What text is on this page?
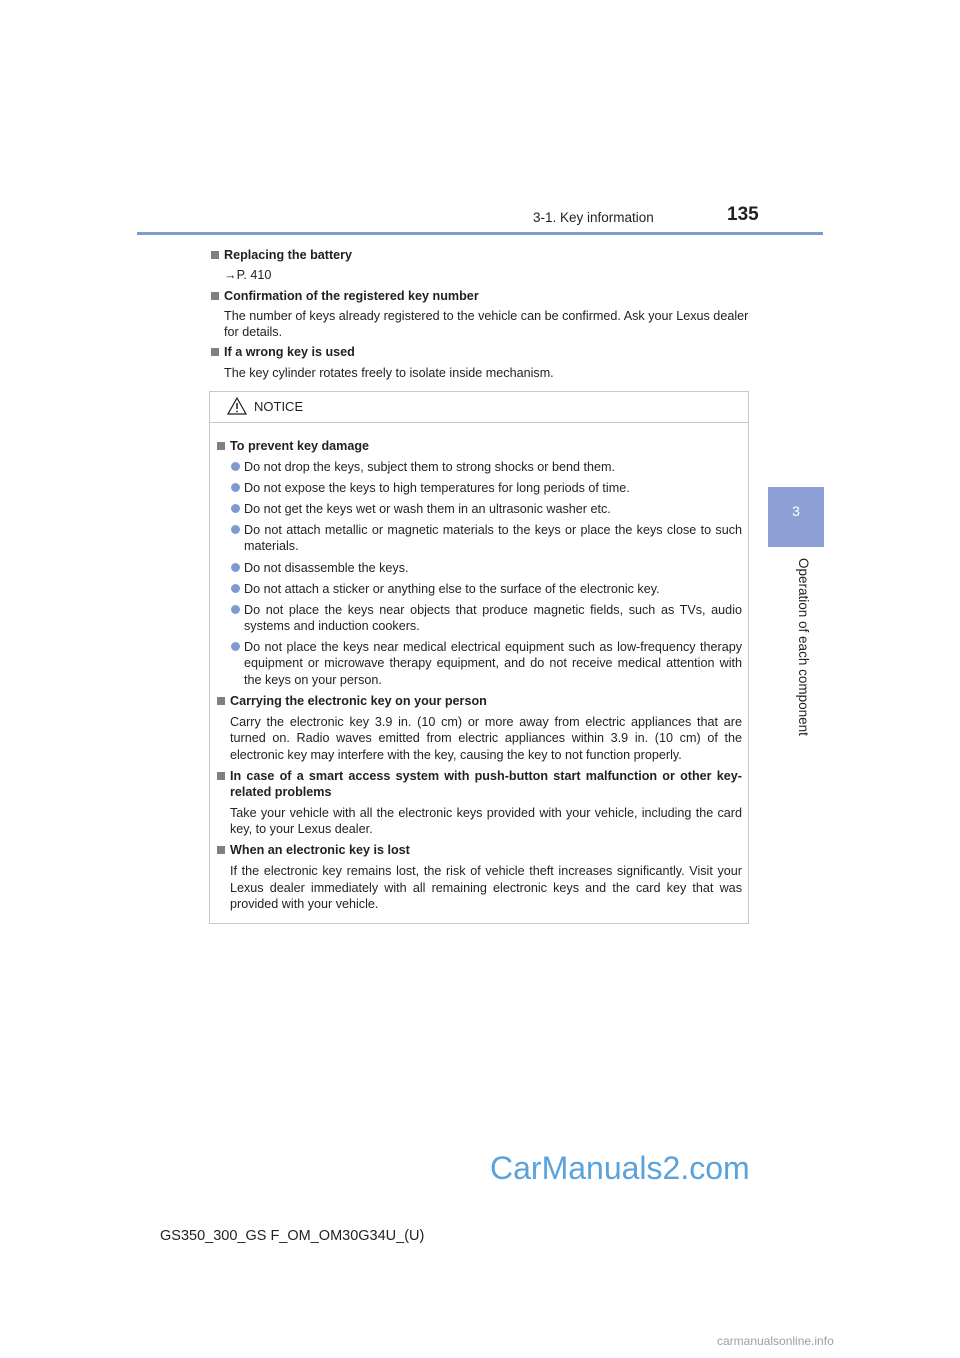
3-1. Key information	135
3
Operation of each component
Replacing the battery
→P. 410
Confirmation of the registered key number
The number of keys already registered to the vehicle can be confirmed. Ask your Lexus dealer for details.
If a wrong key is used
The key cylinder rotates freely to isolate inside mechanism.
NOTICE
To prevent key damage
Do not drop the keys, subject them to strong shocks or bend them.
Do not expose the keys to high temperatures for long periods of time.
Do not get the keys wet or wash them in an ultrasonic washer etc.
Do not attach metallic or magnetic materials to the keys or place the keys close to such materials.
Do not disassemble the keys.
Do not attach a sticker or anything else to the surface of the electronic key.
Do not place the keys near objects that produce magnetic fields, such as TVs, audio systems and induction cookers.
Do not place the keys near medical electrical equipment such as low-frequency therapy equipment or microwave therapy equipment, and do not receive medical attention with the keys on your person.
Carrying the electronic key on your person
Carry the electronic key 3.9 in. (10 cm) or more away from electric appliances that are turned on. Radio waves emitted from electric appliances within 3.9 in. (10 cm) of the electronic key may interfere with the key, causing the key to not function properly.
In case of a smart access system with push-button start malfunction or other key-related problems
Take your vehicle with all the electronic keys provided with your vehicle, including the card key, to your Lexus dealer.
When an electronic key is lost
If the electronic key remains lost, the risk of vehicle theft increases significantly. Visit your Lexus dealer immediately with all remaining electronic keys and the card key that was provided with your vehicle.
CarManuals2.com
GS350_300_GS F_OM_OM30G34U_(U)
carmanualsonline.info
